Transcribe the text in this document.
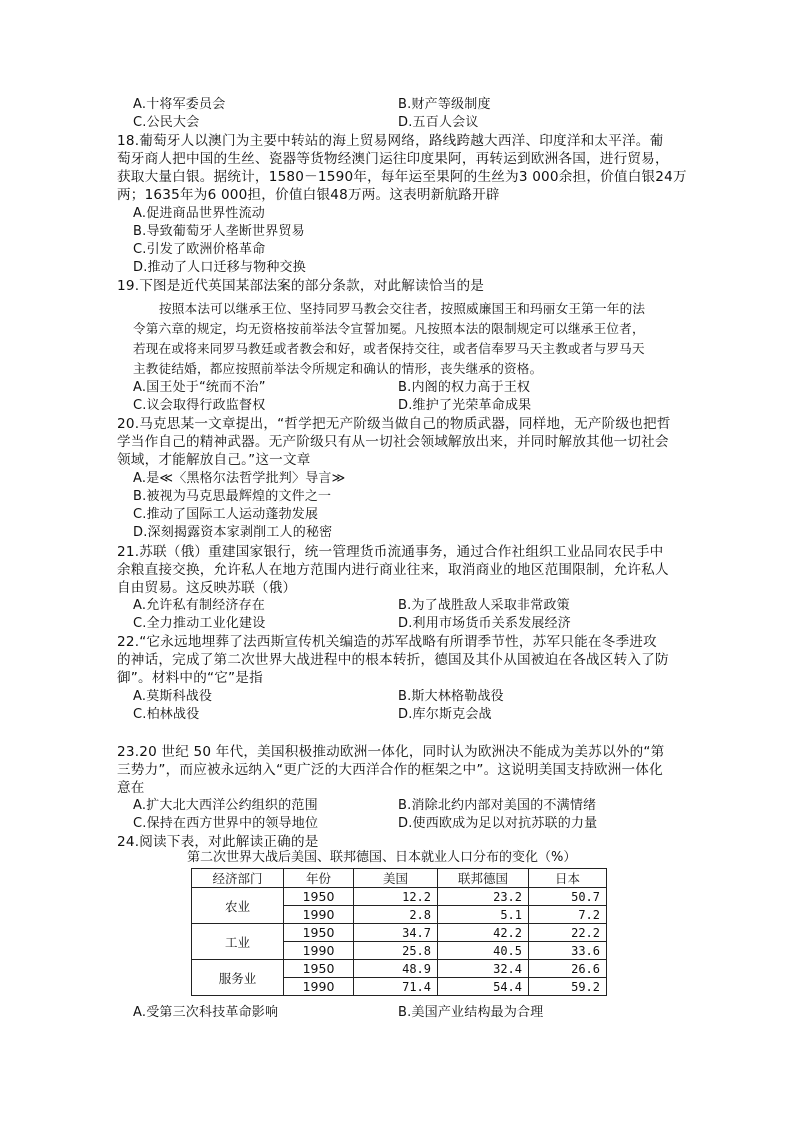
A.十将军委员会	B.财产等级制度
C.公民大会	D.五百人会议
18.葡萄牙人以澳门为主要中转站的海上贸易网络，路线跨越大西洋、印度洋和太平洋。葡
萄牙商人把中国的生丝、瓷器等货物经澳门运往印度果阿，再转运到欧洲各国，进行贸易，
获取大量白银。据统计，1580－1590年，每年运至果阿的生丝为3 000余担，价值白银24万
两；1635年为6 000担，价值白银48万两。这表明新航路开辟
A.促进商品世界性流动
B.导致葡萄牙人垄断世界贸易
C.引发了欧洲价格革命
D.推动了人口迁移与物种交换
19.下图是近代英国某部法案的部分条款，对此解读恰当的是
按照本法可以继承王位、坚持同罗马教会交往者，按照威廉国王和玛丽女王第一年的法
令第六章的规定，均无资格按前举法令宣誓加冕。凡按照本法的限制规定可以继承王位者，
若现在或将来同罗马教廷或者教会和好，或者保持交往，或者信奉罗马天主教或者与罗马天
主教徒结婚，都应按照前举法令所规定和确认的情形，丧失继承的资格。
A.国王处于“统而不治”	B.内阁的权力高于王权
C.议会取得行政监督权	D.维护了光荣革命成果
20.马克思某一文章提出，“哲学把无产阶级当做自己的物质武器，同样地，无产阶级也把哲
学当作自己的精神武器。无产阶级只有从一切社会领域解放出来，并同时解放其他一切社会
领域，才能解放自己。”这一文章
A.是≪〈黑格尔法哲学批判〉导言≫
B.被视为马克思最辉煌的文件之一
C.推动了国际工人运动蓬勃发展
D.深刻揭露资本家剥削工人的秘密
21.苏联（俄）重建国家银行，统一管理货币流通事务，通过合作社组织工业品同农民手中
余粮直接交换，允许私人在地方范围内进行商业往来，取消商业的地区范围限制，允许私人
自由贸易。这反映苏联（俄）
A.允许私有制经济存在	B.为了战胜敌人采取非常政策
C.全力推动工业化建设	D.利用市场货币关系发展经济
22.“它永远地埋葬了法西斯宣传机关编造的苏军战略有所谓季节性，苏军只能在冬季进攻
的神话，完成了第二次世界大战进程中的根本转折，德国及其仆从国被迫在各战区转入了防
御”。材料中的“它”是指
A.莫斯科战役	B.斯大林格勒战役
C.柏林战役	D.库尔斯克会战
23.20 世纪 50 年代，美国积极推动欧洲一体化，同时认为欧洲决不能成为美苏以外的“第
三势力”，而应被永远纳入“更广泛的大西洋合作的框架之中”。这说明美国支持欧洲一体化
意在
A.扩大北大西洋公约组织的范围	B.消除北约内部对美国的不满情绪
C.保持在西方世界中的领导地位	D.使西欧成为足以对抗苏联的力量
24.阅读下表，对此解读正确的是
第二次世界大战后美国、联邦德国、日本就业人口分布的变化（%）
经济部门	年份	美国	联邦德国	日本
农业	1950	12.2	23.2	50.7
	1990	2.8	5.1	7.2
工业	1950	34.7	42.2	22.2
	1990	25.8	40.5	33.6
服务业	1950	48.9	32.4	26.6
	1990	71.4	54.4	59.2
A.受第三次科技革命影响	B.美国产业结构最为合理
